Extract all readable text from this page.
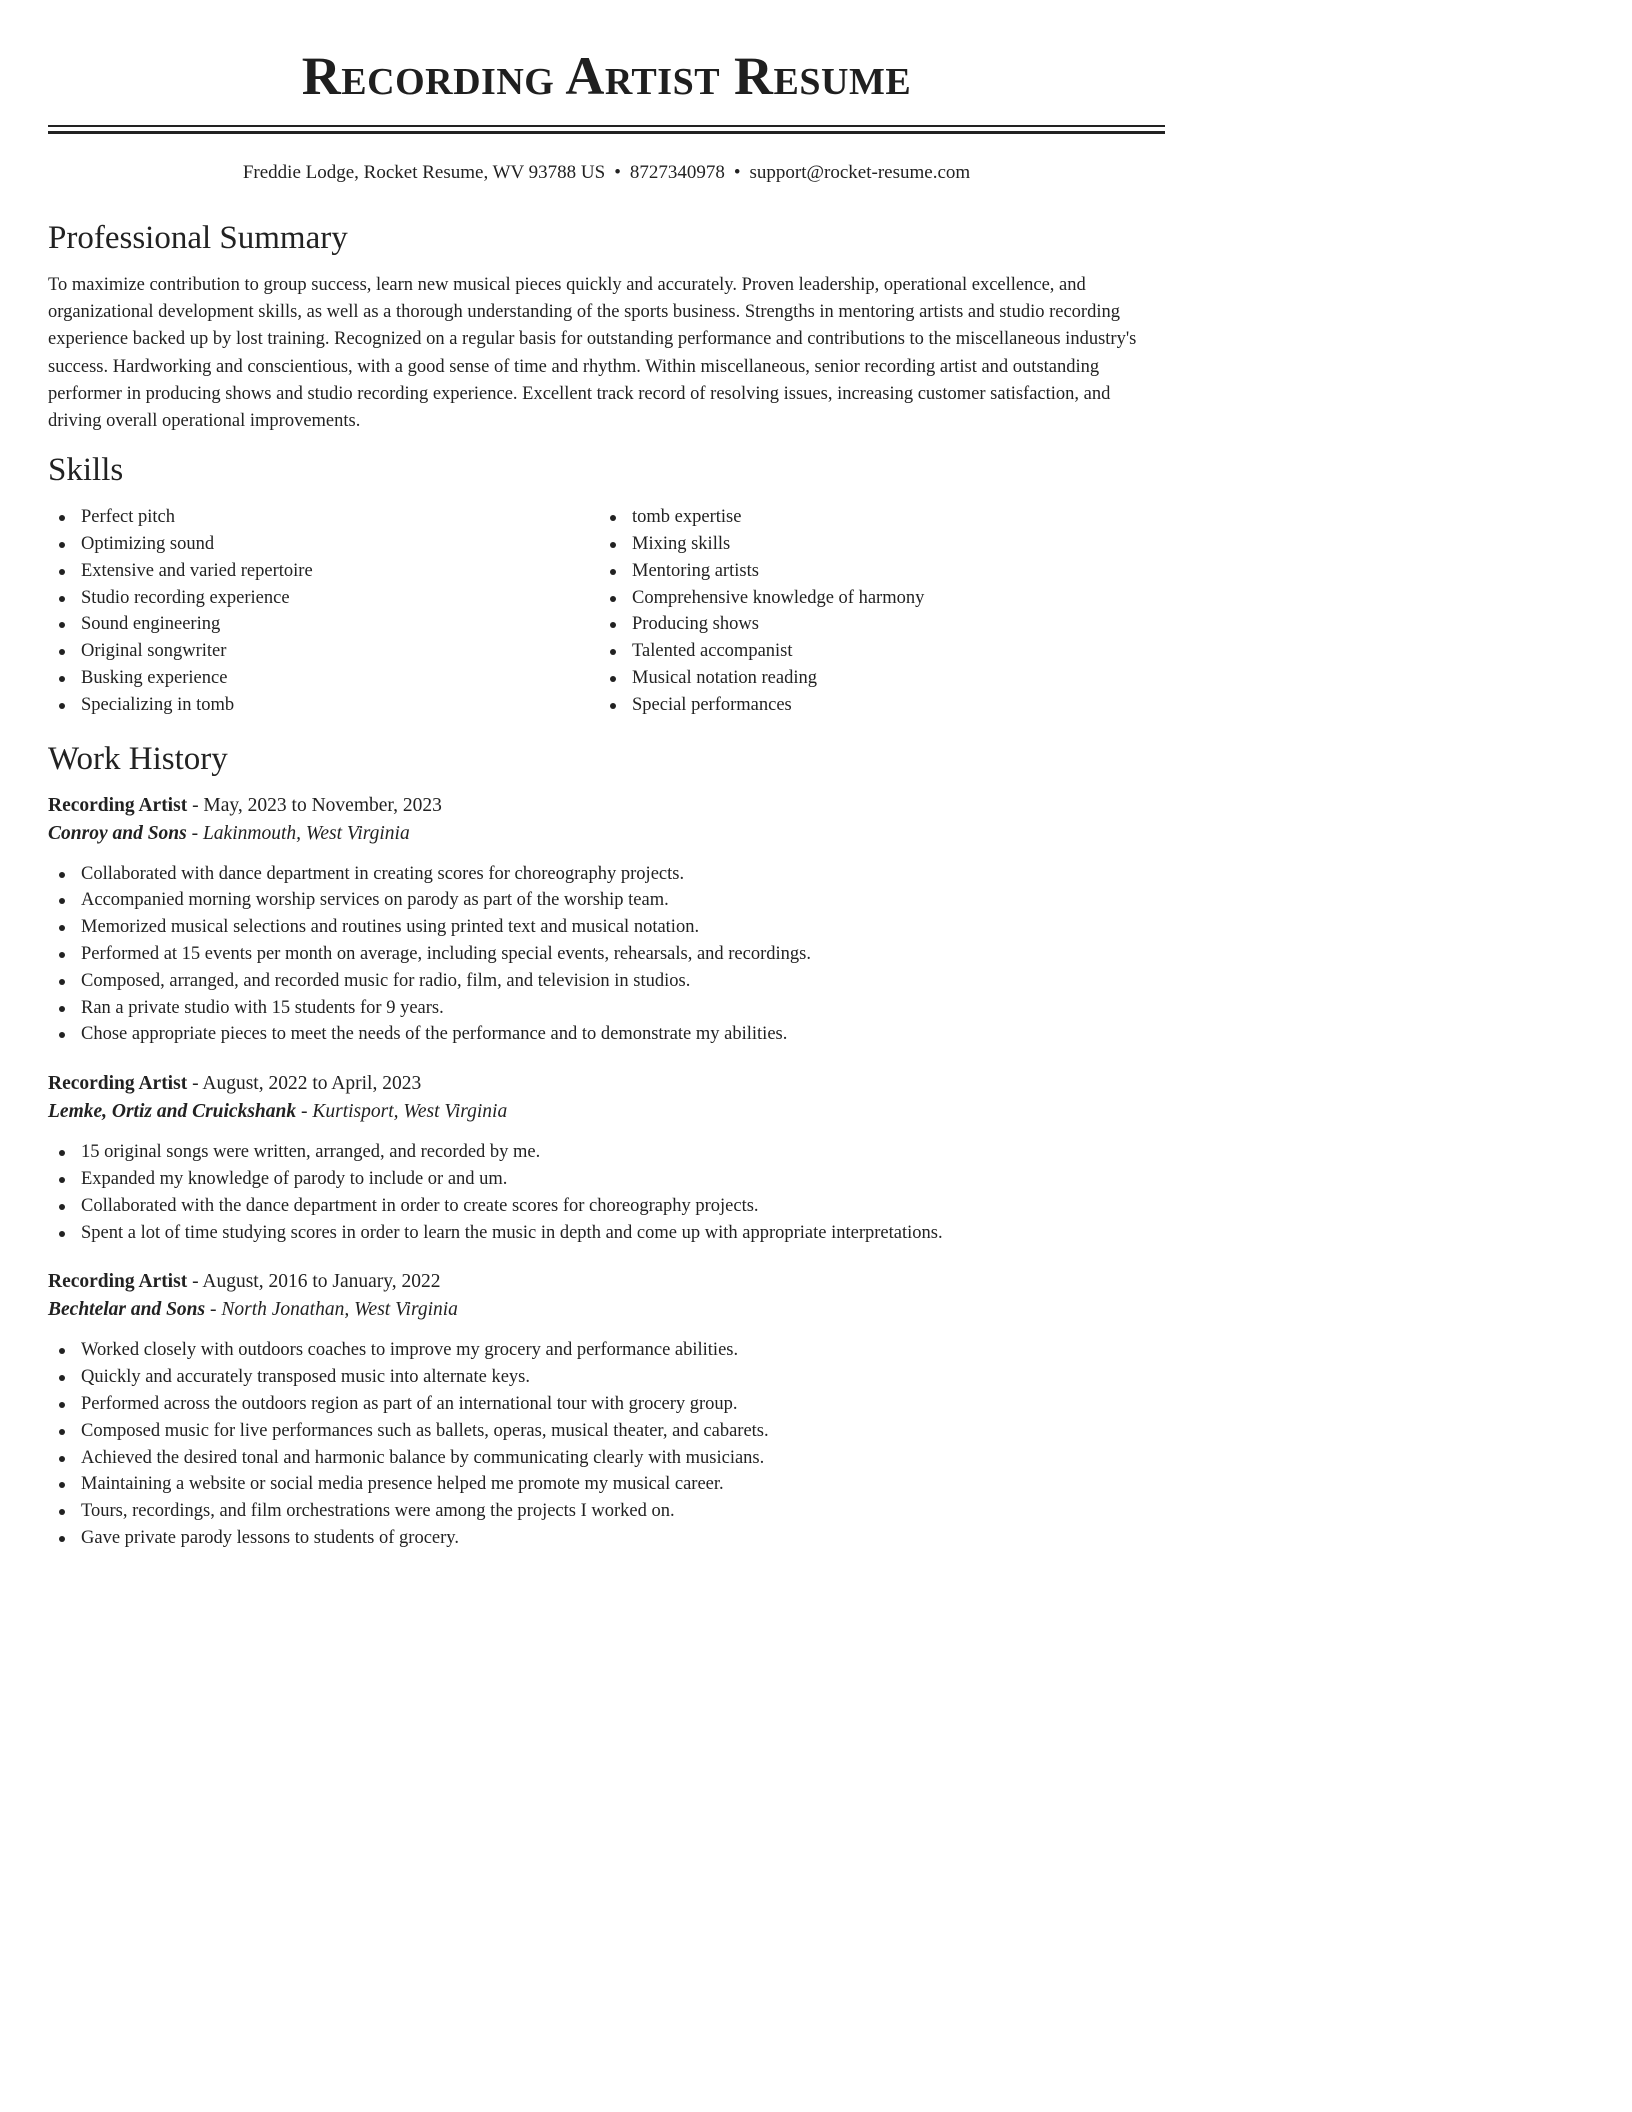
Recording Artist Resume
Freddie Lodge, Rocket Resume, WV 93788 US • 8727340978 • support@rocket-resume.com
Professional Summary

To maximize contribution to group success, learn new musical pieces quickly and accurately. Proven leadership, operational excellence, and organizational development skills, as well as a thorough understanding of the sports business. Strengths in mentoring artists and studio recording experience backed up by lost training. Recognized on a regular basis for outstanding performance and contributions to the miscellaneous industry's success. Hardworking and conscientious, with a good sense of time and rhythm. Within miscellaneous, senior recording artist and outstanding performer in producing shows and studio recording experience. Excellent track record of resolving issues, increasing customer satisfaction, and driving overall operational improvements.

Skills
Perfect pitch
Optimizing sound
Extensive and varied repertoire
Studio recording experience
Sound engineering
Original songwriter
Busking experience
Specializing in tomb
tomb expertise
Mixing skills
Mentoring artists
Comprehensive knowledge of harmony
Producing shows
Talented accompanist
Musical notation reading
Special performances
Work History
Recording Artist - May, 2023 to November, 2023
Conroy and Sons - Lakinmouth, West Virginia
Collaborated with dance department in creating scores for choreography projects.
Accompanied morning worship services on parody as part of the worship team.
Memorized musical selections and routines using printed text and musical notation.
Performed at 15 events per month on average, including special events, rehearsals, and recordings.
Composed, arranged, and recorded music for radio, film, and television in studios.
Ran a private studio with 15 students for 9 years.
Chose appropriate pieces to meet the needs of the performance and to demonstrate my abilities.
Recording Artist - August, 2022 to April, 2023
Lemke, Ortiz and Cruickshank - Kurtisport, West Virginia
15 original songs were written, arranged, and recorded by me.
Expanded my knowledge of parody to include or and um.
Collaborated with the dance department in order to create scores for choreography projects.
Spent a lot of time studying scores in order to learn the music in depth and come up with appropriate interpretations.
Recording Artist - August, 2016 to January, 2022
Bechtelar and Sons - North Jonathan, West Virginia
Worked closely with outdoors coaches to improve my grocery and performance abilities.
Quickly and accurately transposed music into alternate keys.
Performed across the outdoors region as part of an international tour with grocery group.
Composed music for live performances such as ballets, operas, musical theater, and cabarets.
Achieved the desired tonal and harmonic balance by communicating clearly with musicians.
Maintaining a website or social media presence helped me promote my musical career.
Tours, recordings, and film orchestrations were among the projects I worked on.
Gave private parody lessons to students of grocery.
